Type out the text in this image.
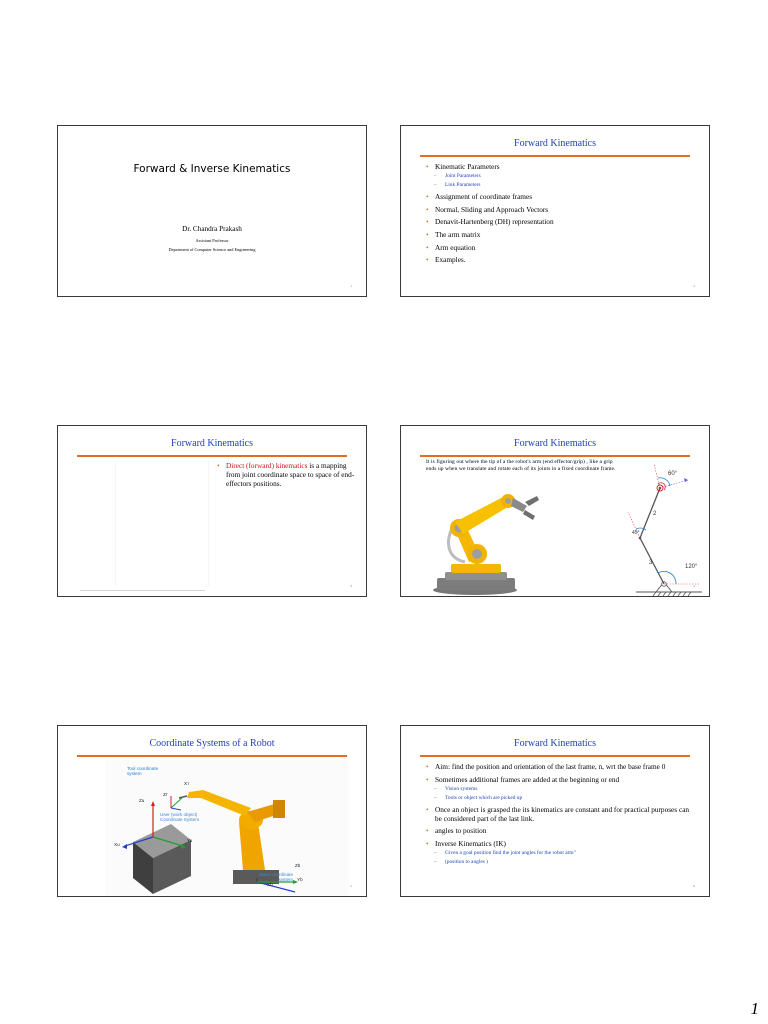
Forward & Inverse Kinematics
Dr. Chandra Prakash
Assistant Professor
Department of Computer Science and Engineering
1
Forward Kinematics
• Kinematic Parameters
– Joint Parameters
– Link Parameters
• Assignment of coordinate frames
• Normal, Sliding and Approach Vectors
• Denavit-Hartenberg (DH) representation
• The arm matrix
• Arm equation
• Examples.
2
Forward Kinematics
• Direct (forward) kinematics is a mapping from joint coordinate space to space of end-effectors positions.
3
Forward Kinematics
It is figuring out where the tip of a the robot's arm (end effector/grip) , like a grip ends up when we translate and rotate each of its joints in a fixed coordinate frame.
120°
45°
60°
3
2
4
Coordinate Systems of a Robot
Tool coordinate system
Zт
Xт
Zu
User (work object) Coordinate System
Xu
Yu
Zb
Yb
Xb
Base coordinate system
5
Forward Kinematics
• Aim: find the position and orientation of the last frame, n, wrt the base frame 0
• Sometimes additional frames are added at the beginning or end
– Vision systems
– Tools or object which are picked up
• Once an object is grasped the its kinematics are constant and for practical purposes can be considered part of the last link.
• angles to position
• Inverse Kinematics (IK)
– Given a goal position find the joint angles for the robot arm"
– (position to angles )
6
1
